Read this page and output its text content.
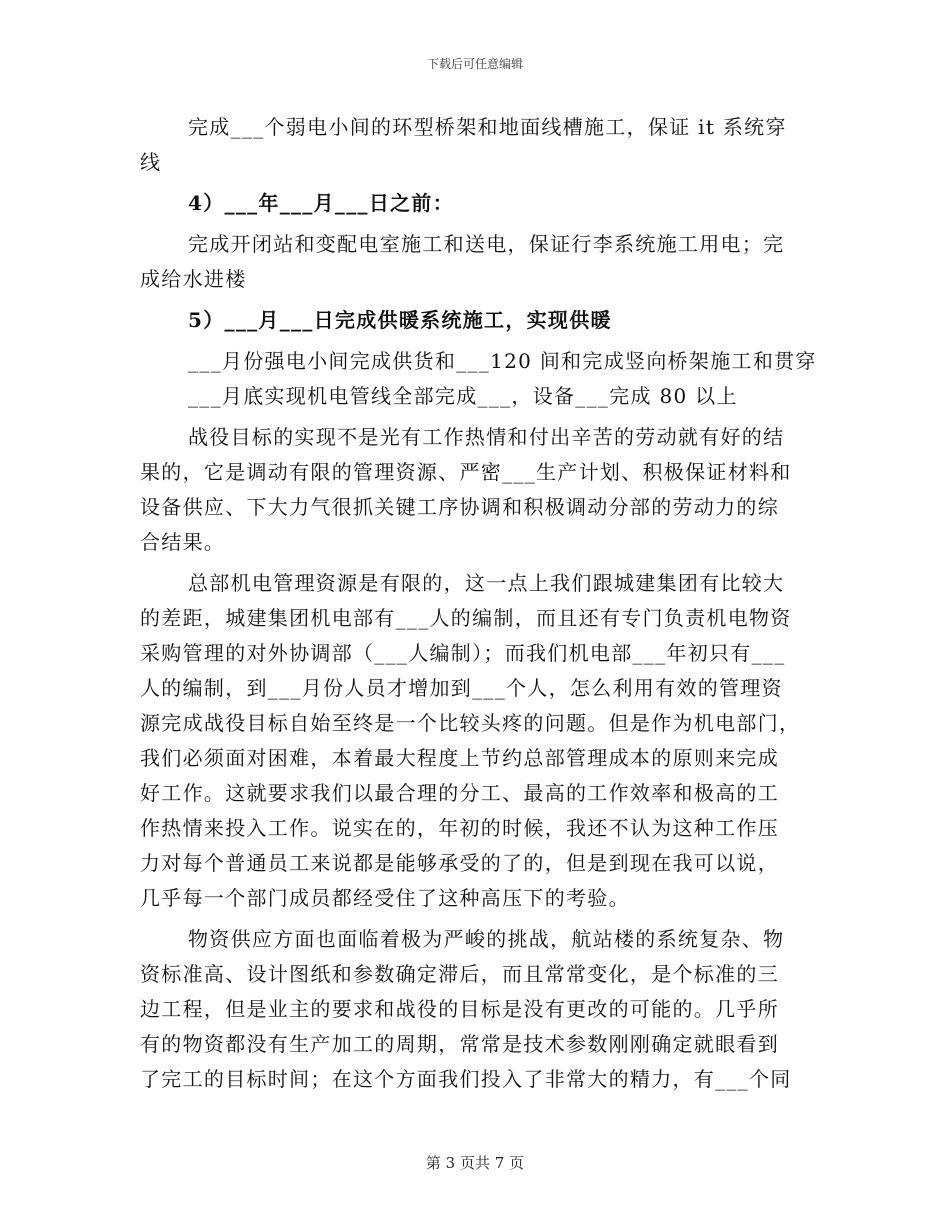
下载后可任意编辑
完成___个弱电小间的环型桥架和地面线槽施工，保证 it 系统穿
线
4）___年___月___日之前：
完成开闭站和变配电室施工和送电，保证行李系统施工用电；完
成给水进楼
5）___月___日完成供暖系统施工，实现供暖
___月份强电小间完成供货和___120 间和完成竖向桥架施工和贯穿
___月底实现机电管线全部完成___，设备___完成 80 以上
战役目标的实现不是光有工作热情和付出辛苦的劳动就有好的结
果的，它是调动有限的管理资源、严密___生产计划、积极保证材料和
设备供应、下大力气很抓关键工序协调和积极调动分部的劳动力的综
合结果。
总部机电管理资源是有限的，这一点上我们跟城建集团有比较大
的差距，城建集团机电部有___人的编制，而且还有专门负责机电物资
采购管理的对外协调部（___人编制）；而我们机电部___年初只有___
人的编制，到___月份人员才增加到___个人，怎么利用有效的管理资
源完成战役目标自始至终是一个比较头疼的问题。但是作为机电部门，
我们必须面对困难，本着最大程度上节约总部管理成本的原则来完成
好工作。这就要求我们以最合理的分工、最高的工作效率和极高的工
作热情来投入工作。说实在的，年初的时候，我还不认为这种工作压
力对每个普通员工来说都是能够承受的了的，但是到现在我可以说，
几乎每一个部门成员都经受住了这种高压下的考验。
物资供应方面也面临着极为严峻的挑战，航站楼的系统复杂、物
资标准高、设计图纸和参数确定滞后，而且常常变化，是个标准的三
边工程，但是业主的要求和战役的目标是没有更改的可能的。几乎所
有的物资都没有生产加工的周期，常常是技术参数刚刚确定就眼看到
了完工的目标时间；在这个方面我们投入了非常大的精力，有___个同
第 3 页共 7 页
